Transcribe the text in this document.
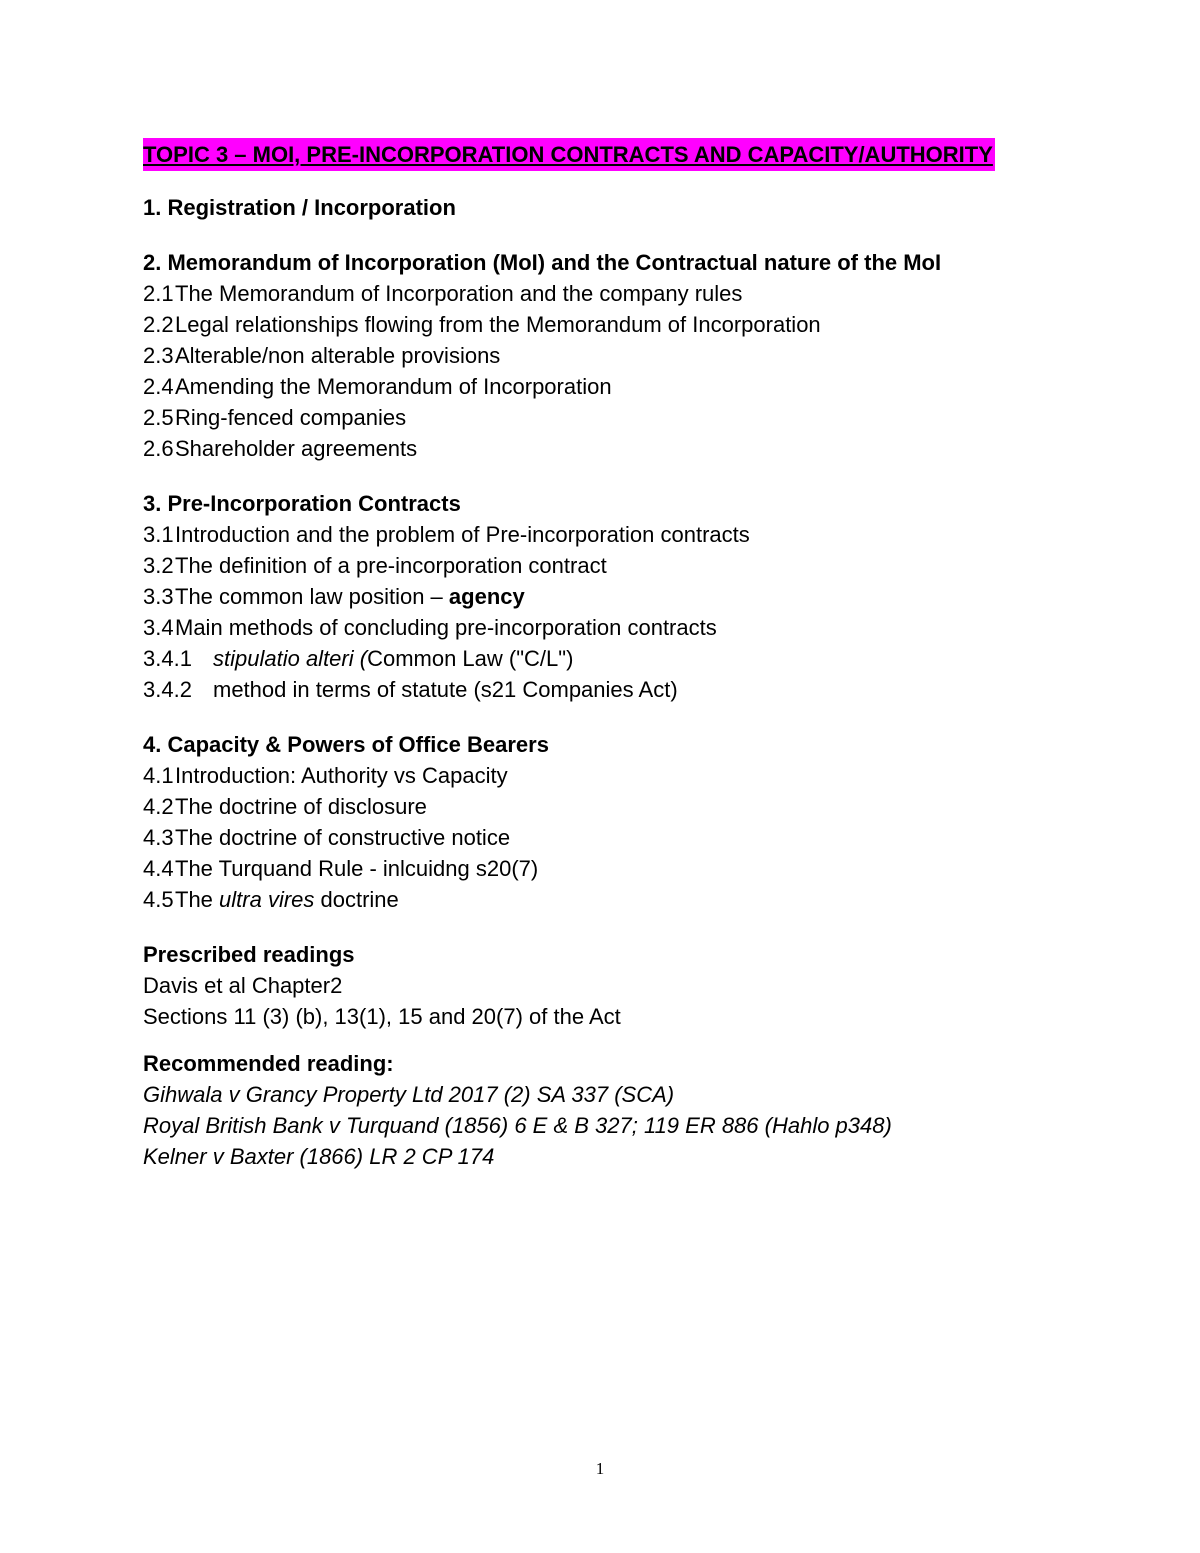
TOPIC 3 – MOI, PRE-INCORPORATION CONTRACTS AND CAPACITY/AUTHORITY
1. Registration / Incorporation
2. Memorandum of Incorporation (MoI) and the Contractual nature of the MoI
2.1The Memorandum of Incorporation and the company rules
2.2Legal relationships flowing from the Memorandum of Incorporation
2.3Alterable/non alterable provisions
2.4Amending the Memorandum of Incorporation
2.5Ring-fenced companies
2.6Shareholder agreements
3. Pre-Incorporation Contracts
3.1Introduction and the problem of Pre-incorporation contracts
3.2The definition of a pre-incorporation contract
3.3The common law position – agency
3.4Main methods of concluding pre-incorporation contracts
3.4.1 stipulatio alteri (Common Law ("C/L")
3.4.2 method in terms of statute (s21 Companies Act)
4. Capacity & Powers of Office Bearers
4.1Introduction: Authority vs Capacity
4.2The doctrine of disclosure
4.3The doctrine of constructive notice
4.4The Turquand Rule - inlcuidng s20(7)
4.5The ultra vires doctrine
Prescribed readings
Davis et al Chapter2
Sections 11 (3) (b), 13(1), 15 and 20(7) of the Act
Recommended reading:
Gihwala v Grancy Property Ltd 2017 (2) SA 337 (SCA)
Royal British Bank v Turquand (1856) 6 E & B 327; 119 ER 886 (Hahlo p348)
Kelner v Baxter (1866) LR 2 CP 174
1
